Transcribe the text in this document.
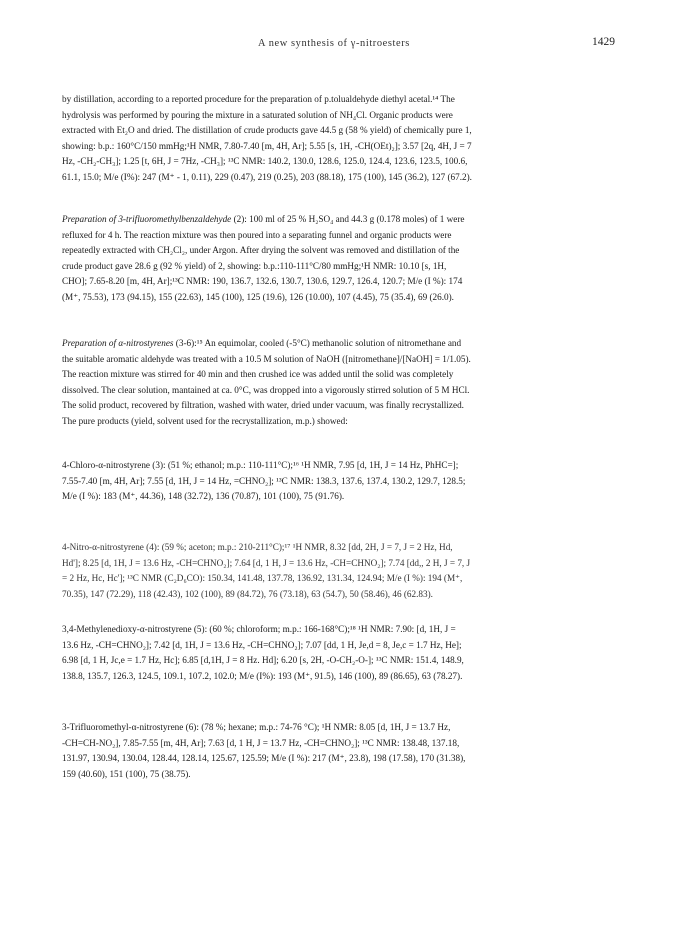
A new synthesis of γ-nitroesters	1429
by distillation, according to a reported procedure for the preparation of p.tolualdehyde diethyl acetal.¹⁴ The
hydrolysis was performed by pouring the mixture in a saturated solution of NH₄Cl. Organic products were
extracted with Et₂O and dried. The distillation of crude products gave 44.5 g (58 % yield) of chemically pure 1,
showing: b.p.: 160°C/150 mmHg;¹H NMR, 7.80-7.40 [m, 4H, Ar]; 5.55 [s, 1H, -CH(OEt)₂]; 3.57 [2q, 4H, J = 7
Hz, -CH₂-CH₃]; 1.25 [t, 6H, J = 7Hz, -CH₃]; ¹³C NMR: 140.2, 130.0, 128.6, 125.0, 124.4, 123.6, 123.5, 100.6,
61.1, 15.0; M/e (I%): 247 (M⁺ - 1, 0.11), 229 (0.47), 219 (0.25), 203 (88.18), 175 (100), 145 (36.2), 127 (67.2).
Preparation of 3-trifluoromethylbenzaldehyde (2): 100 ml of 25 % H₂SO₄ and 44.3 g (0.178 moles) of 1 were
refluxed for 4 h. The reaction mixture was then poured into a separating funnel and organic products were
repeatedly extracted with CH₂Cl₂, under Argon. After drying the solvent was removed and distillation of the
crude product gave 28.6 g (92 % yield) of 2, showing: b.p.:110-111°C/80 mmHg;¹H NMR: 10.10 [s, 1H,
CHO]; 7.65-8.20 [m, 4H, Ar];¹³C NMR: 190, 136.7, 132.6, 130.7, 130.6, 129.7, 126.4, 120.7; M/e (I %): 174
(M⁺, 75.53), 173 (94.15), 155 (22.63), 145 (100), 125 (19.6), 126 (10.00), 107 (4.45), 75 (35.4), 69 (26.0).
Preparation of α-nitrostyrenes (3-6):¹⁵ An equimolar, cooled (-5°C) methanolic solution of nitromethane and
the suitable aromatic aldehyde was treated with a 10.5 M solution of NaOH ([nitromethane]/[NaOH] = 1/1.05).
The reaction mixture was stirred for 40 min and then crushed ice was added until the solid was completely
dissolved. The clear solution, mantained at ca. 0°C, was dropped into a vigorously stirred solution of 5 M HCl.
The solid product, recovered by filtration, washed with water, dried under vacuum, was finally recrystallized.
The pure products (yield, solvent used for the recrystallization, m.p.) showed:
4-Chloro-α-nitrostyrene (3): (51 %; ethanol; m.p.: 110-111°C);¹⁶ ¹H NMR, 7.95 [d, 1H, J = 14 Hz, PhHC=];
7.55-7.40 [m, 4H, Ar]; 7.55 [d, 1H, J = 14 Hz, =CHNO₂]; ¹³C NMR: 138.3, 137.6, 137.4, 130.2, 129.7, 128.5;
M/e (I %): 183 (M⁺, 44.36), 148 (32.72), 136 (70.87), 101 (100), 75 (91.76).
4-Nitro-α-nitrostyrene (4): (59 %; aceton; m.p.: 210-211°C);¹⁷ ¹H NMR, 8.32 [dd, 2H, J = 7, J = 2 Hz, Hd,
Hd']; 8.25 [d, 1H, J = 13.6 Hz, -CH=CHNO₂]; 7.64 [d, 1 H, J = 13.6 Hz, -CH=CHNO₂]; 7.74 [dd,, 2 H, J = 7, J
= 2 Hz, Hc, Hc']; ¹³C NMR (C₂D₆CO): 150.34, 141.48, 137.78, 136.92, 131.34, 124.94; M/e (I %): 194 (M⁺,
70.35), 147 (72.29), 118 (42.43), 102 (100), 89 (84.72), 76 (73.18), 63 (54.7), 50 (58.46), 46 (62.83).
3,4-Methylenedioxy-α-nitrostyrene (5): (60 %; chloroform; m.p.: 166-168°C);¹⁸ ¹H NMR: 7.90: [d, 1H, J =
13.6 Hz, -CH=CHNO₂]; 7.42 [d, 1H, J = 13.6 Hz, -CH=CHNO₂]; 7.07 [dd, 1 H, Je,d = 8, Je,c = 1.7 Hz, He];
6.98 [d, 1 H, Jc,e = 1.7 Hz, Hc]; 6.85 [d,1H, J = 8 Hz. Hd]; 6.20 [s, 2H, -O-CH₂-O-]; ¹³C NMR: 151.4, 148.9,
138.8, 135.7, 126.3, 124.5, 109.1, 107.2, 102.0; M/e (I%): 193 (M⁺, 91.5), 146 (100), 89 (86.65), 63 (78.27).
3-Trifluoromethyl-α-nitrostyrene (6): (78 %; hexane; m.p.: 74-76 °C); ¹H NMR: 8.05 [d, 1H, J = 13.7 Hz,
-CH=CH-NO₂], 7.85-7.55 [m, 4H, Ar]; 7.63 [d, 1 H, J = 13.7 Hz, -CH=CHNO₂]; ¹³C NMR: 138.48, 137.18,
131.97, 130.94, 130.04, 128.44, 128.14, 125.67, 125.59; M/e (I %): 217 (M⁺, 23.8), 198 (17.58), 170 (31.38),
159 (40.60), 151 (100), 75 (38.75).
